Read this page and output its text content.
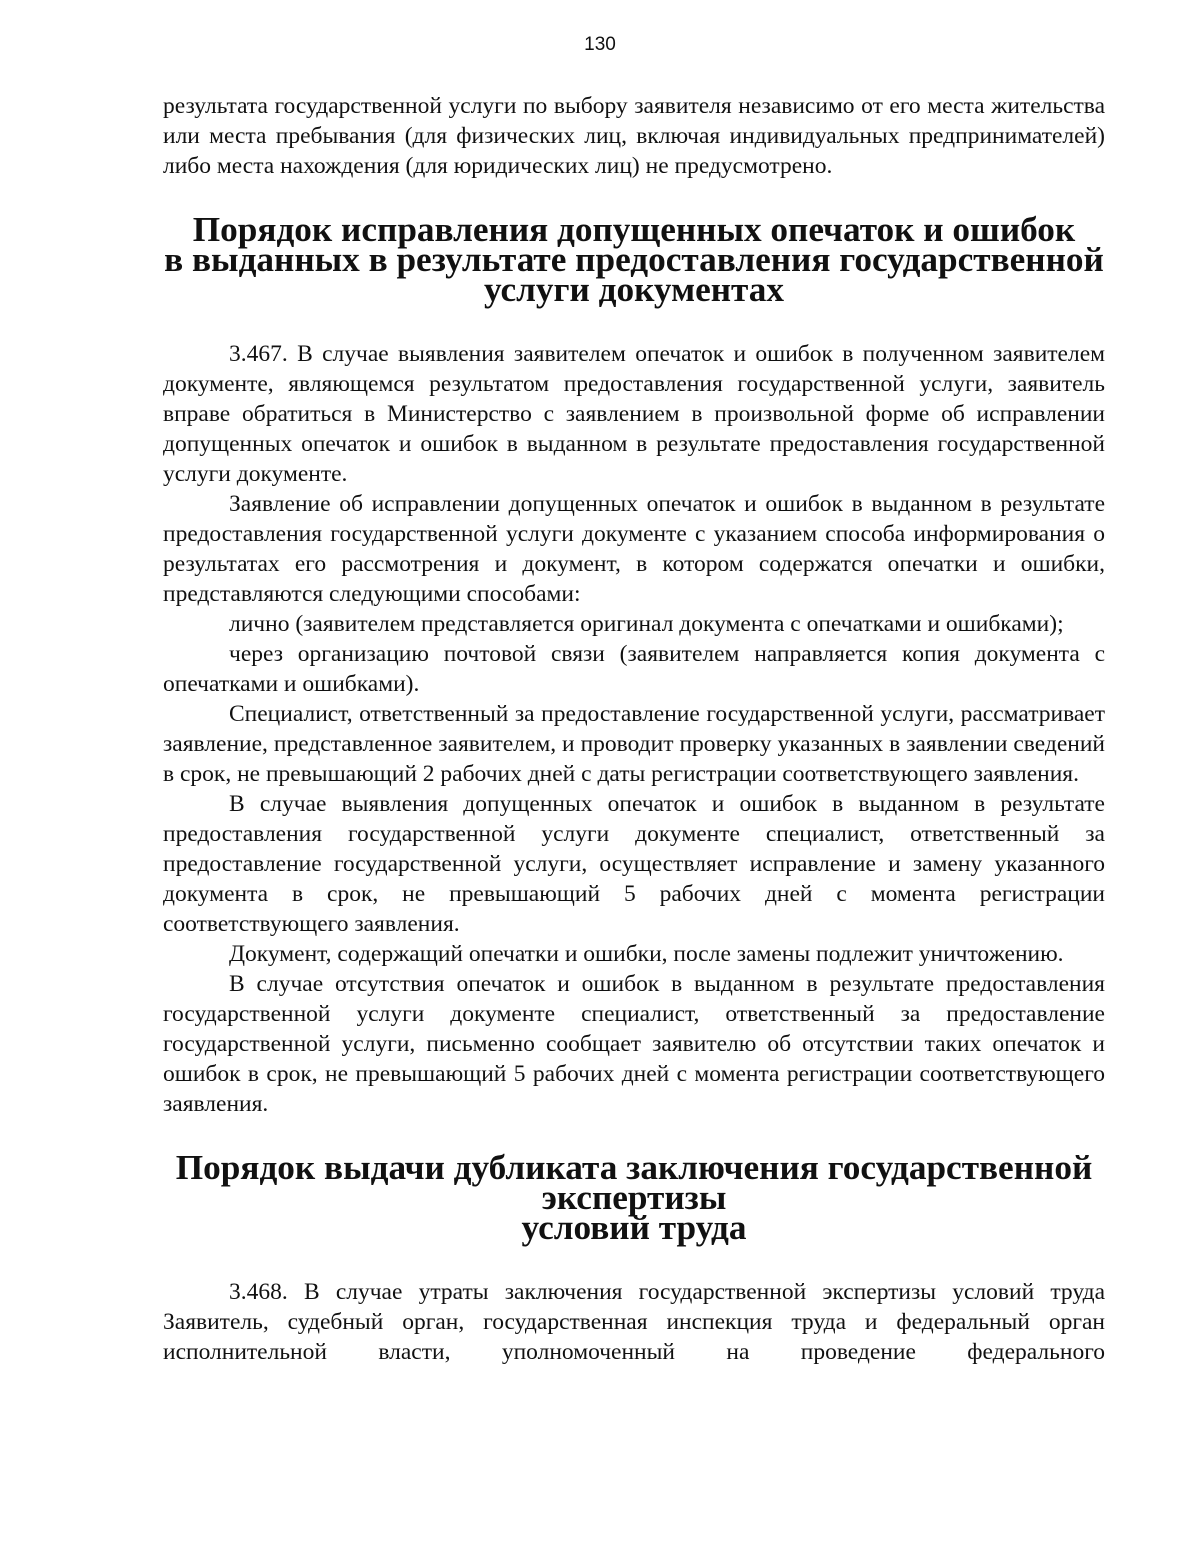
130

результата государственной услуги по выбору заявителя независимо от его места жительства или места пребывания (для физических лиц, включая индивидуальных предпринимателей) либо места нахождения (для юридических лиц) не предусмотрено.

Порядок исправления допущенных опечаток и ошибок
в выданных в результате предоставления государственной
услуги документах

3.467. В случае выявления заявителем опечаток и ошибок в полученном заявителем документе, являющемся результатом предоставления государственной услуги, заявитель вправе обратиться в Министерство с заявлением в произвольной форме об исправлении допущенных опечаток и ошибок в выданном в результате предоставления государственной услуги документе.

Заявление об исправлении допущенных опечаток и ошибок в выданном в результате предоставления государственной услуги документе с указанием способа информирования о результатах его рассмотрения и документ, в котором содержатся опечатки и ошибки, представляются следующими способами:

лично (заявителем представляется оригинал документа с опечатками и ошибками);

через организацию почтовой связи (заявителем направляется копия документа с опечатками и ошибками).

Специалист, ответственный за предоставление государственной услуги, рассматривает заявление, представленное заявителем, и проводит проверку указанных в заявлении сведений в срок, не превышающий 2 рабочих дней с даты регистрации соответствующего заявления.

В случае выявления допущенных опечаток и ошибок в выданном в результате предоставления государственной услуги документе специалист, ответственный за предоставление государственной услуги, осуществляет исправление и замену указанного документа в срок, не превышающий 5 рабочих дней с момента регистрации соответствующего заявления.

Документ, содержащий опечатки и ошибки, после замены подлежит уничтожению.

В случае отсутствия опечаток и ошибок в выданном в результате предоставления государственной услуги документе специалист, ответственный за предоставление государственной услуги, письменно сообщает заявителю об отсутствии таких опечаток и ошибок в срок, не превышающий 5 рабочих дней с момента регистрации соответствующего заявления.

Порядок выдачи дубликата заключения государственной экспертизы
условий труда

3.468. В случае утраты заключения государственной экспертизы условий труда Заявитель, судебный орган, государственная инспекция труда и федеральный орган исполнительной власти, уполномоченный на проведение федерального
